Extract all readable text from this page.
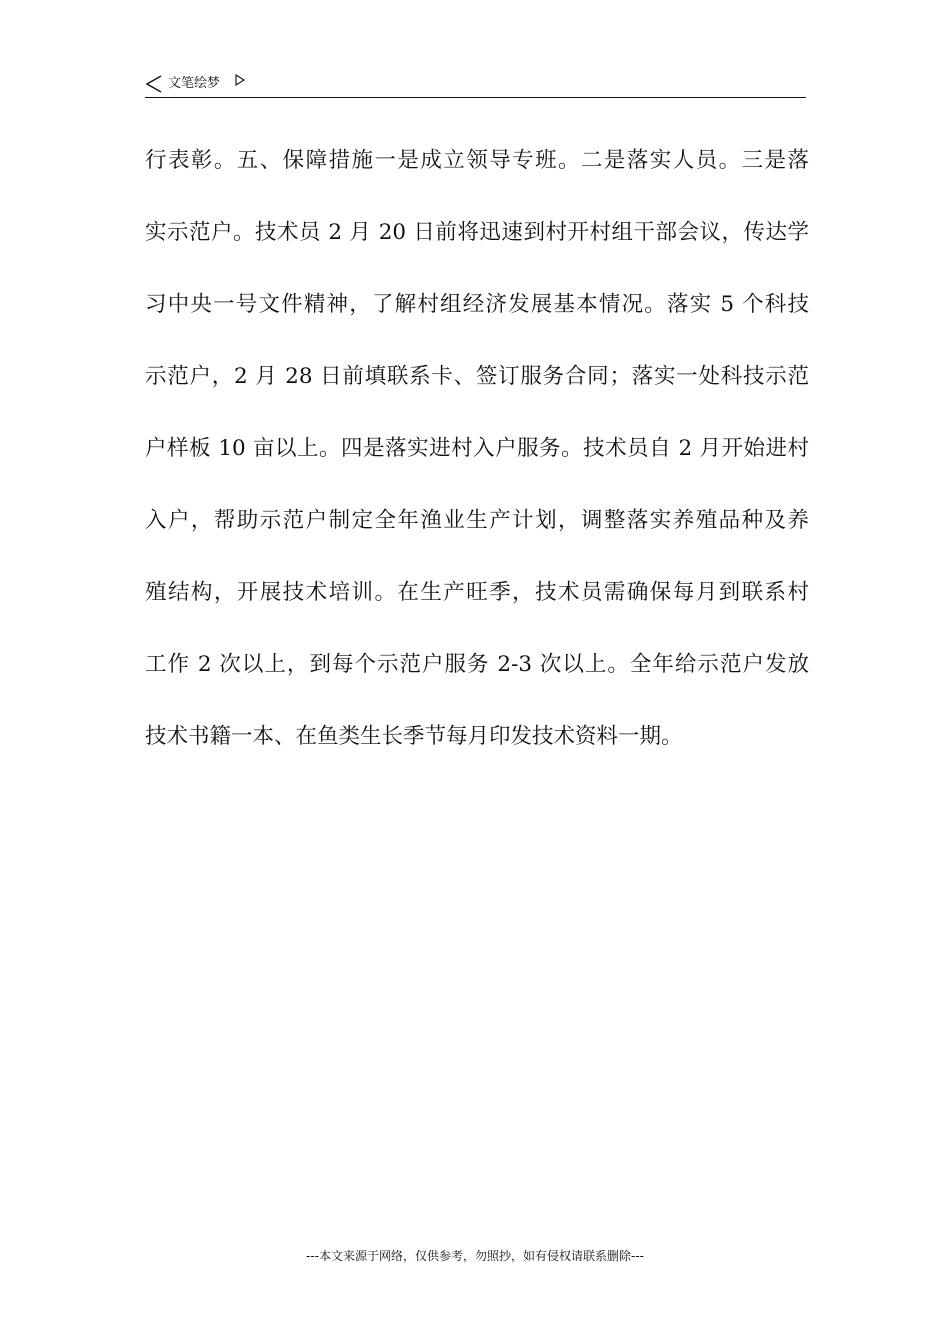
文笔绘梦
行表彰。五、保障措施一是成立领导专班。二是落实人员。三是落
实示范户。技术员 2 月 20 日前将迅速到村开村组干部会议，传达学
习中央一号文件精神，了解村组经济发展基本情况。落实 5 个科技
示范户，2 月 28 日前填联系卡、签订服务合同；落实一处科技示范
户样板 10 亩以上。四是落实进村入户服务。技术员自 2 月开始进村
入户，帮助示范户制定全年渔业生产计划，调整落实养殖品种及养
殖结构，开展技术培训。在生产旺季，技术员需确保每月到联系村
工作 2 次以上，到每个示范户服务 2-3 次以上。全年给示范户发放
技术书籍一本、在鱼类生长季节每月印发技术资料一期。
---本文来源于网络，仅供参考，勿照抄，如有侵权请联系删除---
